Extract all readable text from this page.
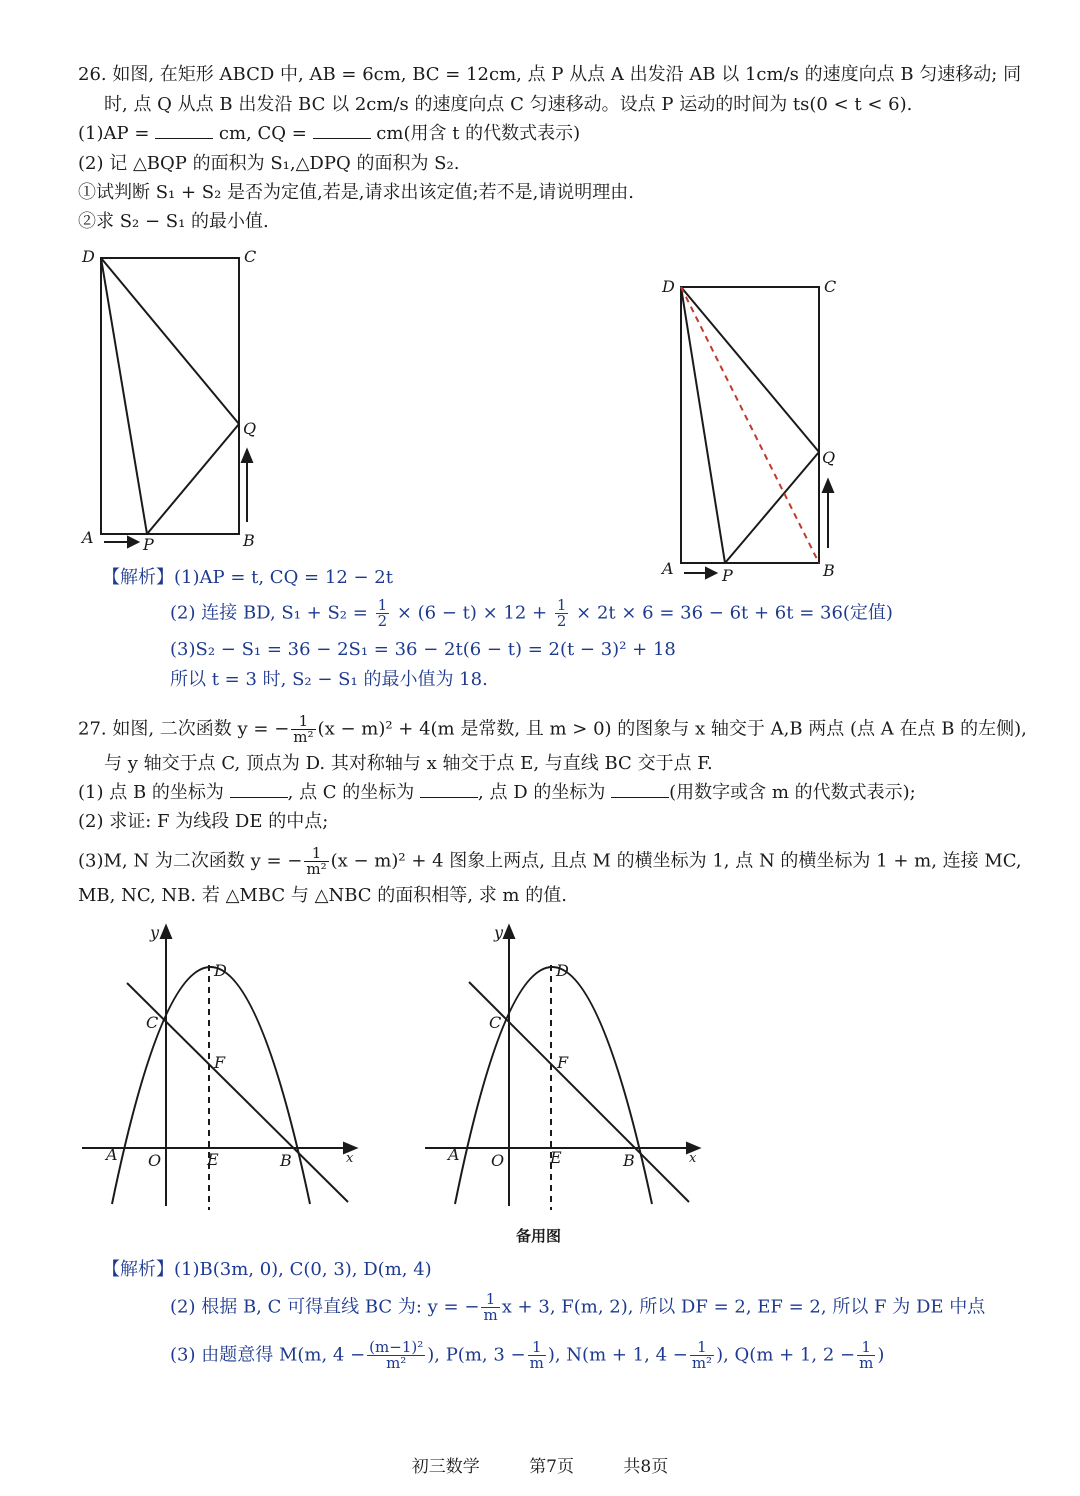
26. 如图, 在矩形 ABCD 中, AB = 6cm, BC = 12cm, 点 P 从点 A 出发沿 AB 以 1cm/s 的速度向点 B 匀速移动; 同
时, 点 Q 从点 B 出发沿 BC 以 2cm/s 的速度向点 C 匀速移动。设点 P 运动的时间为 ts(0 < t < 6).
(1)AP =	cm, CQ =	cm(用含 t 的代数式表示)
(2) 记 △BQP 的面积为 S₁,△DPQ 的面积为 S₂.
①试判断 S₁ + S₂ 是否为定值,若是,请求出该定值;若不是,请说明理由.
②求 S₂ − S₁ 的最小值.
D	C
Q
A	P	B
D	C
Q
A	P	B
【解析】(1)AP = t, CQ = 12 − 2t
(2) 连接 BD, $S_1 + S_2 = \frac{1}{2} \times (6 - t) \times 12 + \frac{1}{2} \times 2t \times 6 = 36 - 6t + 6t = 36$(定值)
(3)S₂ − S₁ = 36 − 2S₁ = 36 − 2t(6 − t) = 2(t − 3)² + 18
所以 t = 3 时, S₂ − S₁ 的最小值为 18.
27. 如图, 二次函数 y = − $\frac{1}{\text{m²}} (x - m)^2 + 4(m$ 是常数, 且 m > 0) 的图象与 x 轴交于 A,B 两点 (点 A 在点 B 的左侧),
与 y 轴交于点 C, 顶点为 D. 其对称轴与 x 轴交于点 E, 与直线 BC 交于点 F.
(1) 点 B 的坐标为	, 点 C 的坐标为	, 点 D 的坐标为	(用数字或含 m 的代数式表示);
(2) 求证: F 为线段 DE 的中点;
(3)M, N 为二次函数 y = − $\frac{1}{\text{m²}} (x - m)^2 + 4$ 图象上两点, 且点 M 的横坐标为 1, 点 N 的横坐标为 1 + m, 连接 MC,
MB, NC, NB. 若 △MBC 与 △NBC 的面积相等, 求 m 的值.
y
x
O
A	B
C
D
E
F
y
x
O
A	B
C
D
E
F
备用图
【解析】(1)B(3m, 0), C(0, 3), D(m, 4)
(2) 根据 B, C 可得直线 BC 为: y = − $\frac{1}{m}$ x + 3, F(m, 2), 所以 DF = 2, EF = 2, 所以 F 为 DE 中点
(3) 由题意得 M(m, $4 - \frac{\text{(m−1)²}}{\text{m²}}$ ), P(m, $3 - \frac{1}{m}$ ), N(m + 1, $4 - \frac{1}{\text{m²}}$ ), Q(m + 1, $2 - \frac{1}{m}$ )
初三数学	第7页	共8页
